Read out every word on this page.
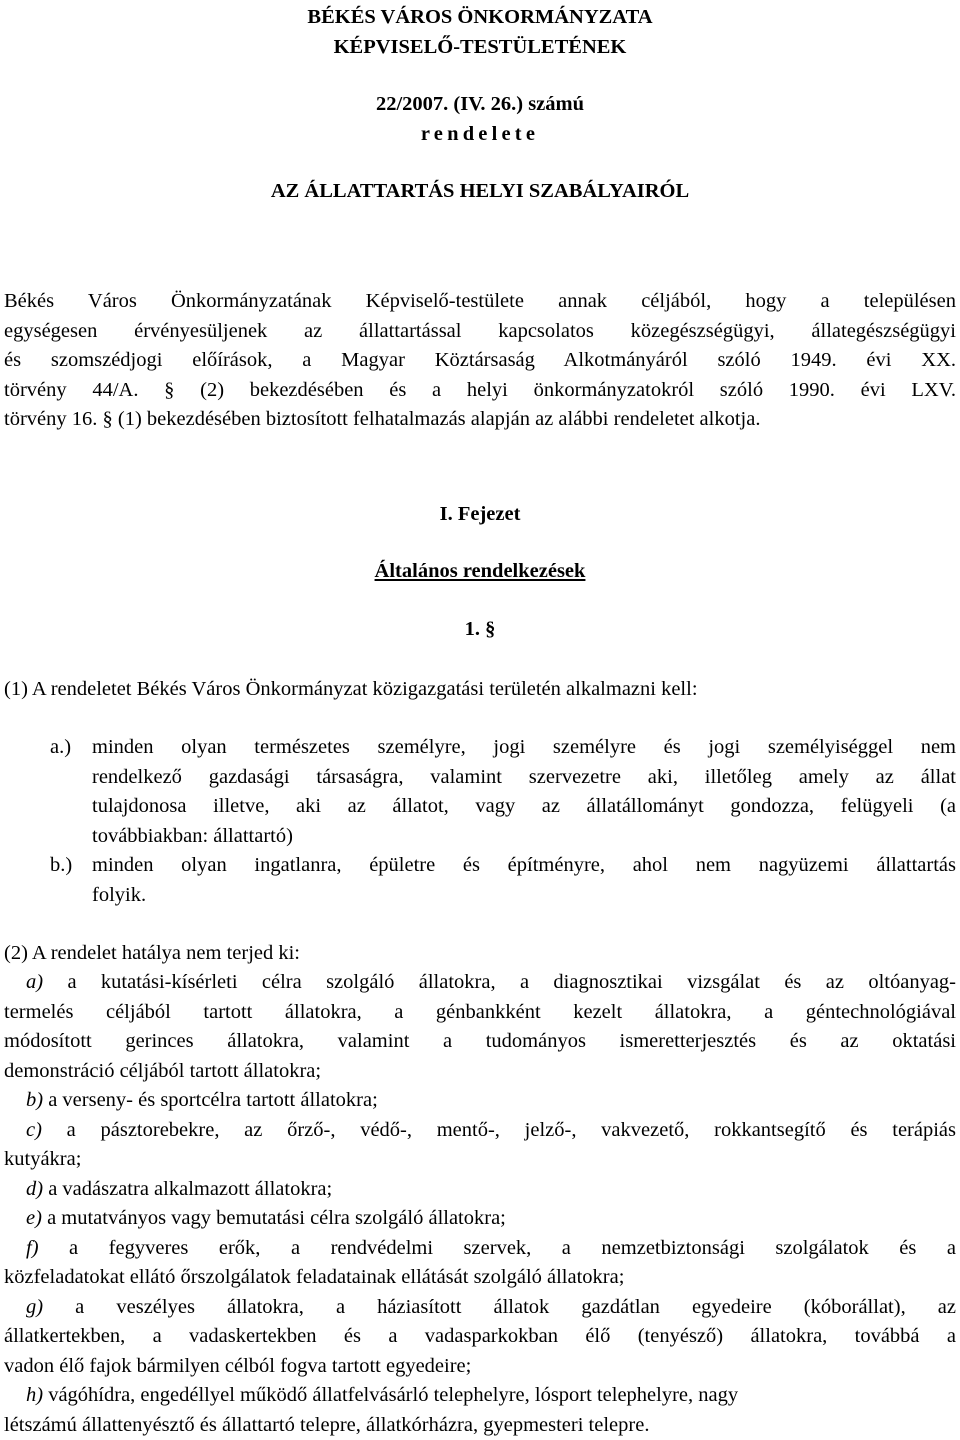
BÉKÉS VÁROS ÖNKORMÁNYZATA
KÉPVISELŐ-TESTÜLETÉNEK
22/2007. (IV. 26.) számú
rendelete
AZ ÁLLATTARTÁS HELYI SZABÁLYAIRÓL
Békés Város Önkormányzatának Képviselő-testülete annak céljából, hogy a településen
egységesen érvényesüljenek az állattartással kapcsolatos közegészségügyi, állategészségügyi
és szomszédjogi előírások, a Magyar Köztársaság Alkotmányáról szóló 1949. évi XX.
törvény 44/A. § (2) bekezdésében és a helyi önkormányzatokról szóló 1990. évi LXV.
törvény 16. § (1) bekezdésében biztosított felhatalmazás alapján az alábbi rendeletet alkotja.
I. Fejezet
Általános rendelkezések
1. §
(1) A rendeletet Békés Város Önkormányzat közigazgatási területén alkalmazni kell:
a.) minden olyan természetes személyre, jogi személyre és jogi személyiséggel nem
rendelkező gazdasági társaságra, valamint szervezetre aki, illetőleg amely az állat
tulajdonosa illetve, aki az állatot, vagy az állatállományt gondozza, felügyeli (a
továbbiakban: állattartó)
b.) minden olyan ingatlanra, épületre és építményre, ahol nem nagyüzemi állattartás
folyik.
(2) A rendelet hatálya nem terjed ki:
a) a kutatási-kísérleti célra szolgáló állatokra, a diagnosztikai vizsgálat és az oltóanyag-
termelés céljából tartott állatokra, a génbankként kezelt állatokra, a géntechnológiával
módosított gerinces állatokra, valamint a tudományos ismeretterjesztés és az oktatási
demonstráció céljából tartott állatokra;
b) a verseny- és sportcélra tartott állatokra;
c) a pásztorebekre, az őrző-, védő-, mentő-, jelző-, vakvezető, rokkantsegítő és terápiás
kutyákra;
d) a vadászatra alkalmazott állatokra;
e) a mutatványos vagy bemutatási célra szolgáló állatokra;
f) a fegyveres erők, a rendvédelmi szervek, a nemzetbiztonsági szolgálatok és a
közfeladatokat ellátó őrszolgálatok feladatainak ellátását szolgáló állatokra;
g) a veszélyes állatokra, a háziasított állatok gazdátlan egyedeire (kóborállat), az
állatkertekben, a vadaskertekben és a vadasparkokban élő (tenyésző) állatokra, továbbá a
vadon élő fajok bármilyen célból fogva tartott egyedeire;
h) vágóhídra, engedéllyel működő állatfelvásárló telephelyre, lósport telephelyre, nagy
létszámú állattenyésztő és állattartó telepre, állatkórházra, gyepmesteri telepre.
